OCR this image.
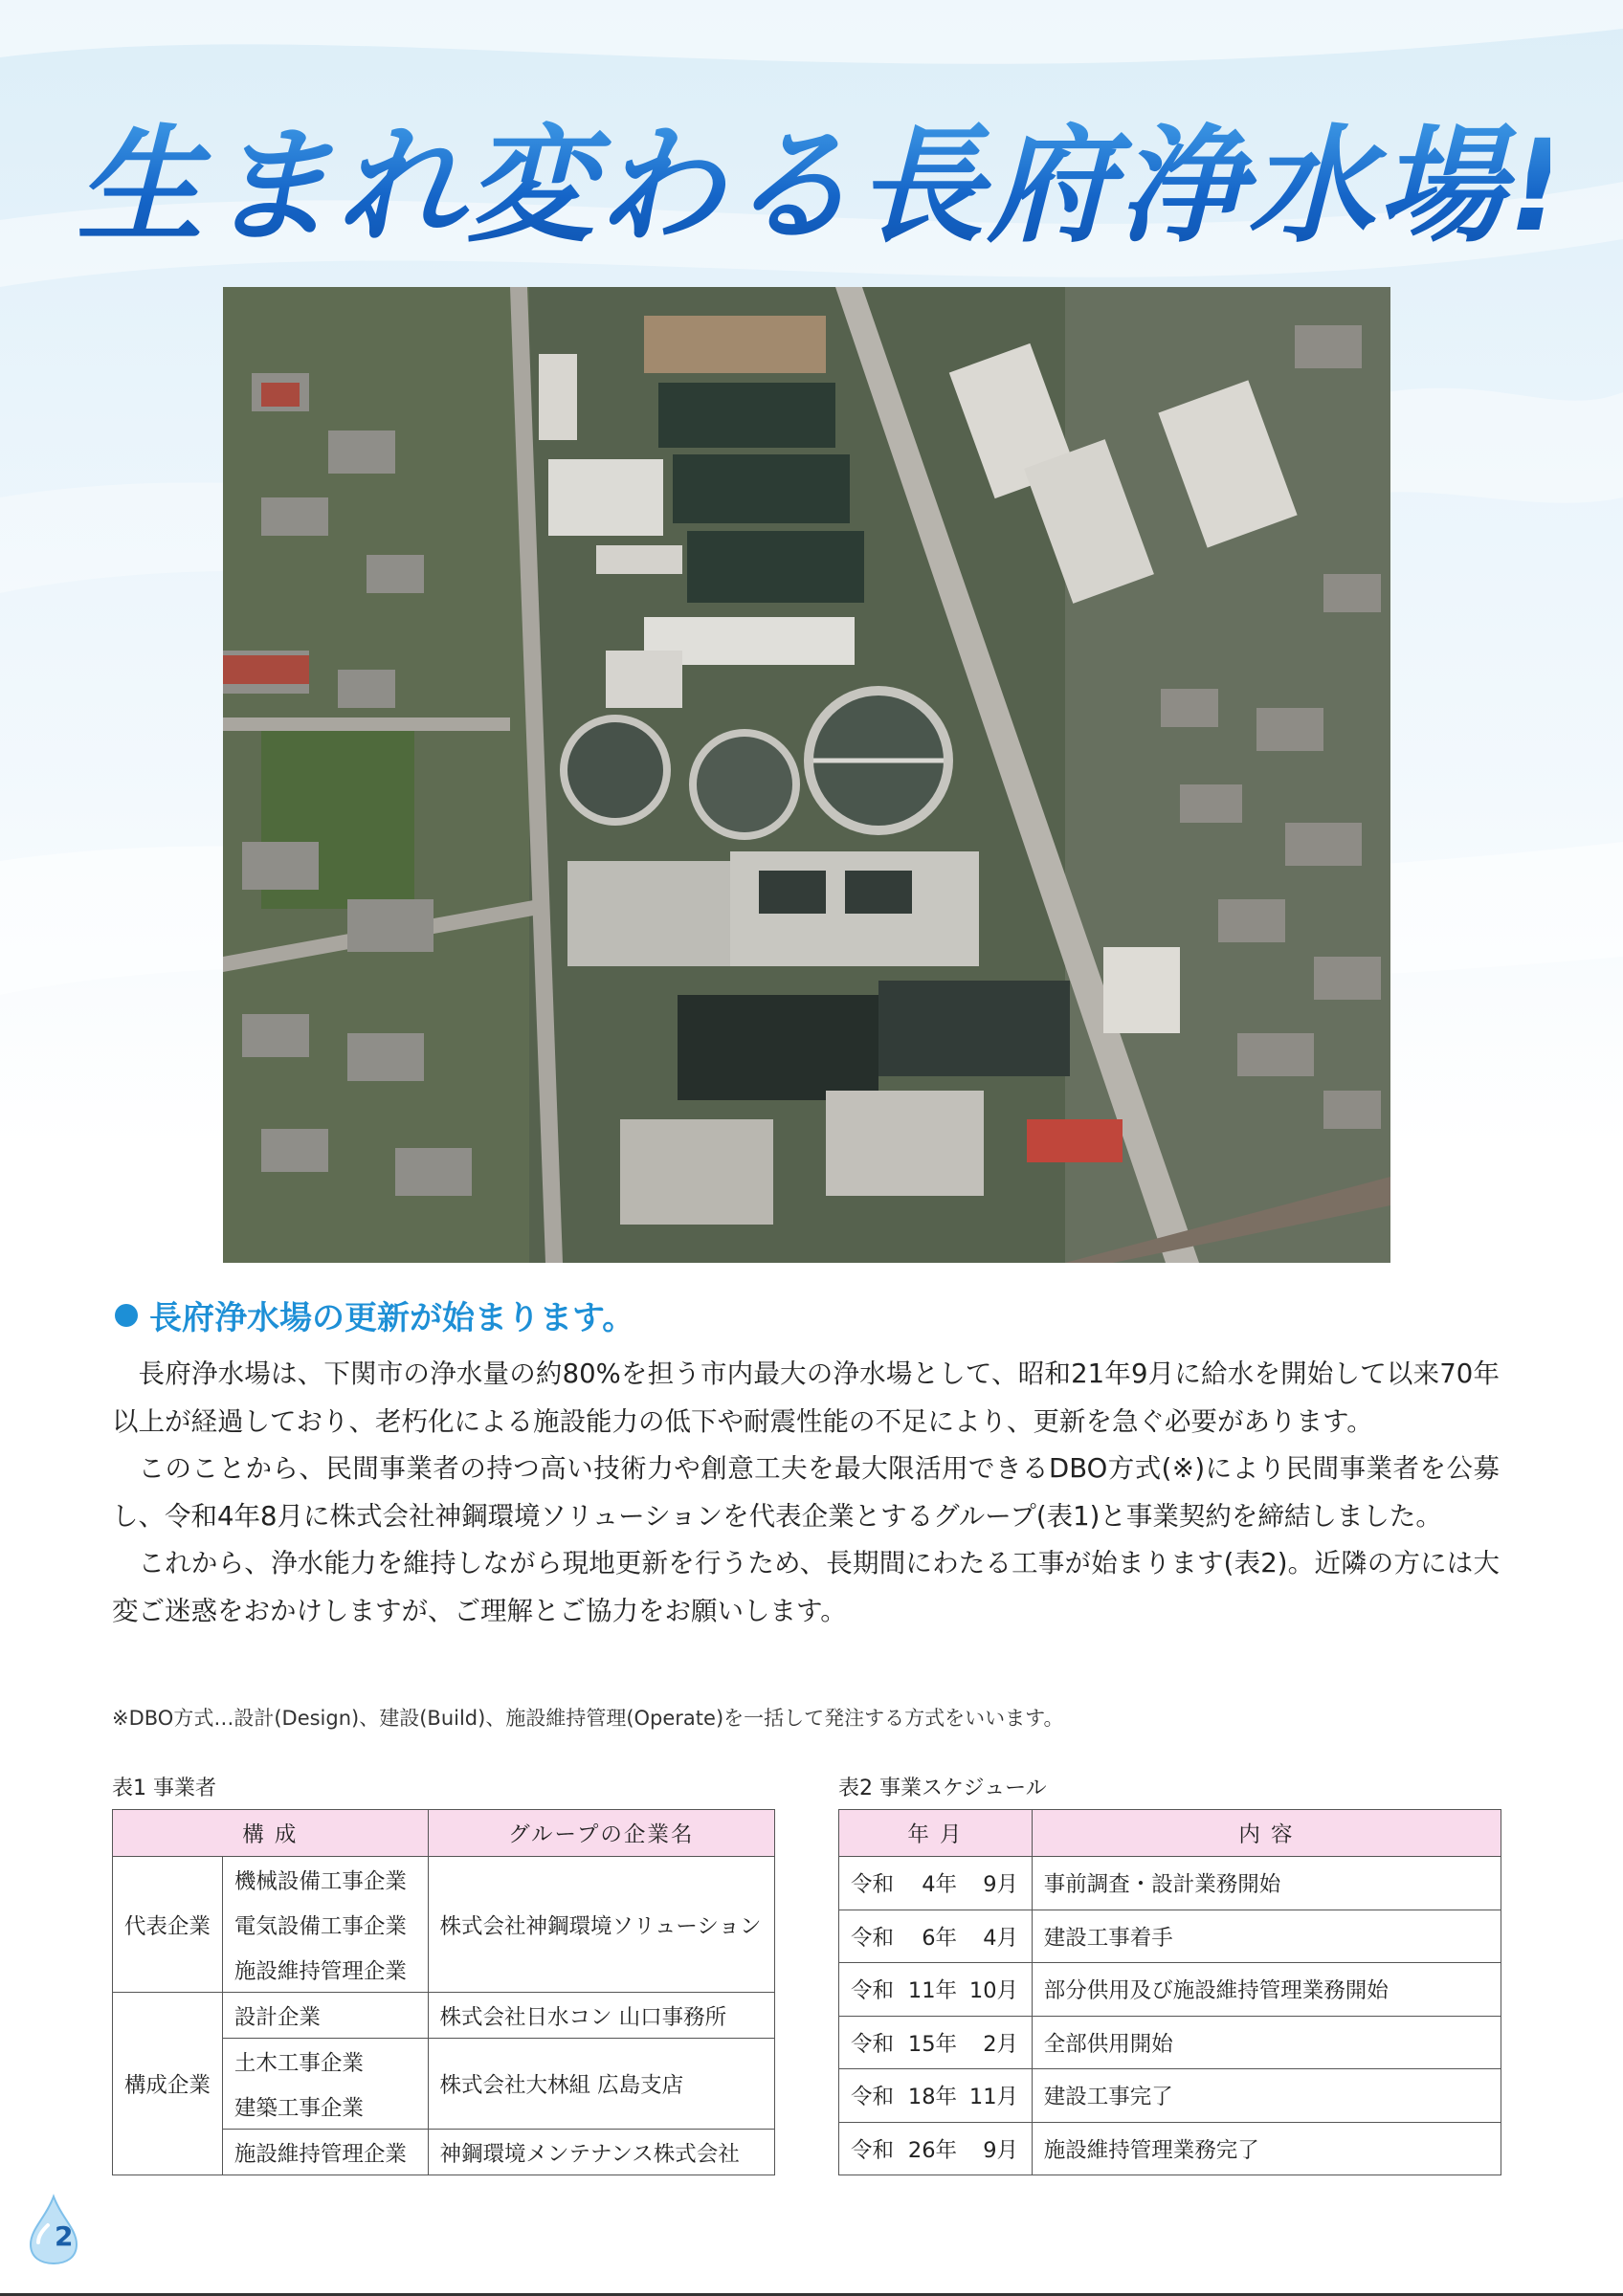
生まれ変わる長府浄水場!
長府浄水場の更新が始まります。

長府浄水場は、下関市の浄水量の約80%を担う市内最大の浄水場として、昭和21年9月に給水を開始して以来70年以上が経過しており、老朽化による施設能力の低下や耐震性能の不足により、更新を急ぐ必要があります。

このことから、民間事業者の持つ高い技術力や創意工夫を最大限活用できるDBO方式(※)により民間事業者を公募し、令和4年8月に株式会社神鋼環境ソリューションを代表企業とするグループ(表1)と事業契約を締結しました。

これから、浄水能力を維持しながら現地更新を行うため、長期間にわたる工事が始まります(表2)。近隣の方には大変ご迷惑をおかけしますが、ご理解とご協力をお願いします。

※DBO方式…設計(Design)、建設(Build)、施設維持管理(Operate)を一括して発注する方式をいいます。
表1 事業者
構 成		グループの企業名
代表企業	機械設備工事企業	株式会社神鋼環境ソリューション
	電気設備工事企業	
	施設維持管理企業	
構成企業	設計企業	株式会社日水コン 山口事務所
	土木工事企業	株式会社大林組 広島支店
	建築工事企業	
	施設維持管理企業	神鋼環境メンテナンス株式会社
表2 事業スケジュール
年 月	内 容
令和 4年 9月	事前調査・設計業務開始
令和 6年 4月	建設工事着手
令和 11年 10月	部分供用及び施設維持管理業務開始
令和 15年 2月	全部供用開始
令和 18年 11月	建設工事完了
令和 26年 9月	施設維持管理業務完了
2
